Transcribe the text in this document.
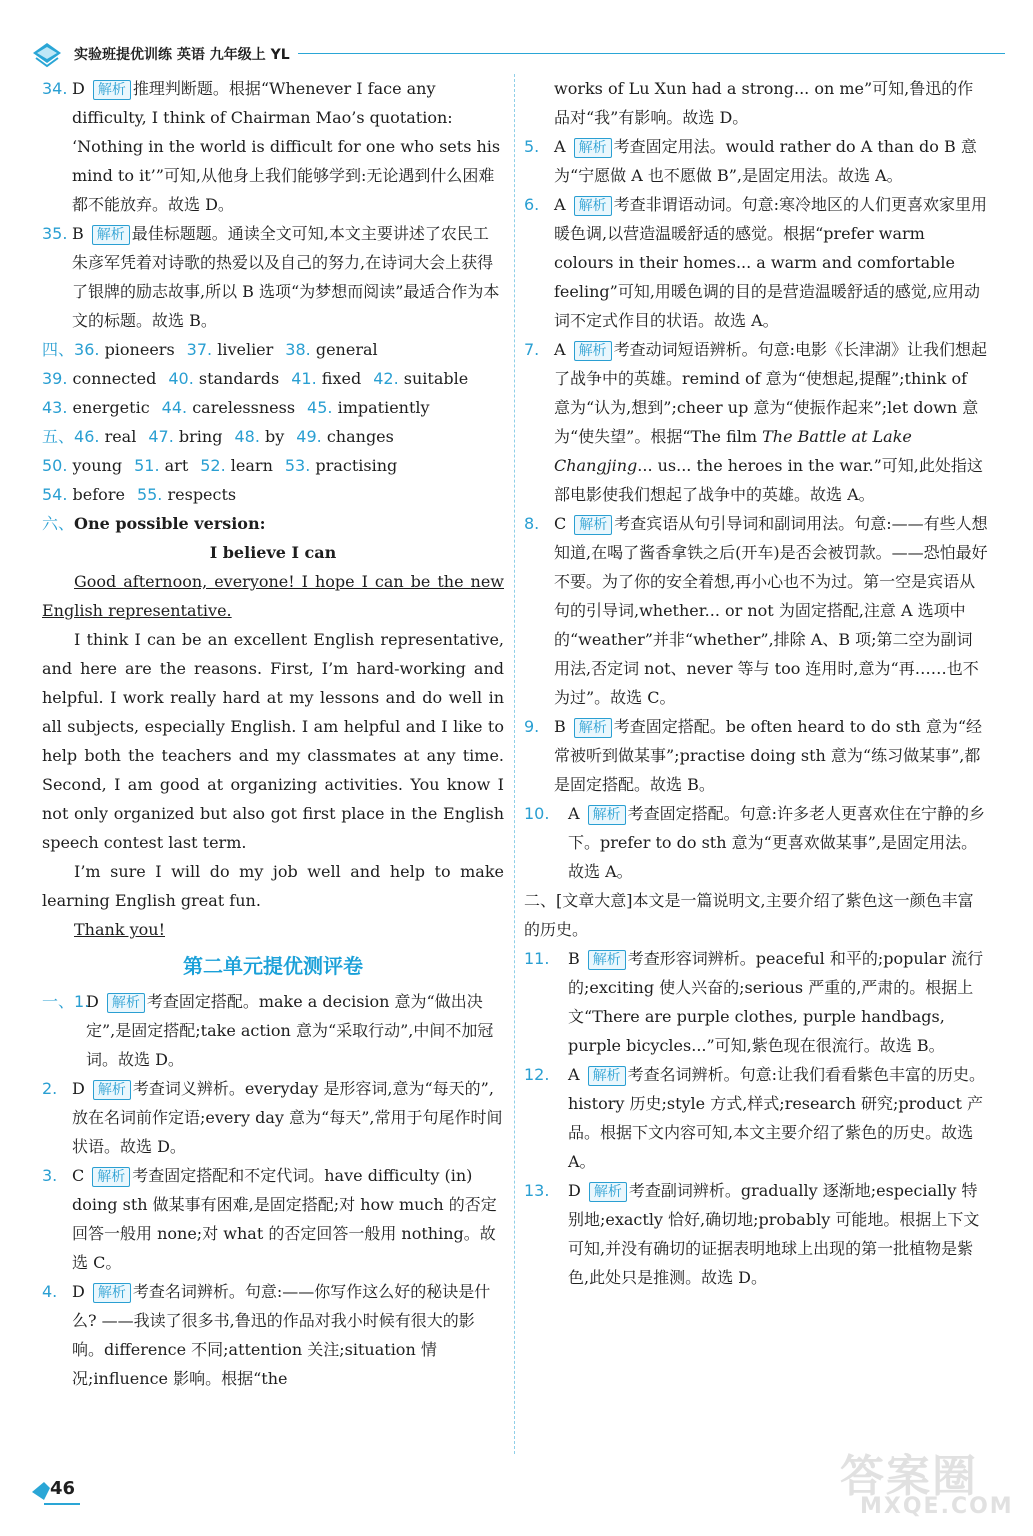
实验班提优训练 英语 九年级上 YL
34. D 解析 推理判断题。根据“Whenever I face any difficulty, I think of Chairman Mao’s quotation: ‘Nothing in the world is difficult for one who sets his mind to it’”可知,从他身上我们能够学到:无论遇到什么困难都不能放弃。故选 D。
35. B 解析 最佳标题题。通读全文可知,本文主要讲述了农民工朱彦军凭着对诗歌的热爱以及自己的努力,在诗词大会上获得了银牌的励志故事,所以 B 选项“为梦想而阅读”最适合作为本文的标题。故选 B。
四、 36. pioneers 37. livelier 38. general
39. connected 40. standards 41. fixed 42. suitable
43. energetic 44. carelessness 45. impatiently
五、 46. real 47. bring 48. by 49. changes
50. young 51. art 52. learn 53. practising
54. before 55. respects
六、One possible version:
I believe I can

Good afternoon, everyone! I hope I can be the new English representative.

I think I can be an excellent English representative, and here are the reasons. First, I’m hard-working and helpful. I work really hard at my lessons and do well in all subjects, especially English. I am helpful and I like to help both the teachers and my classmates at any time. Second, I am good at organizing activities. You know I not only organized but also got first place in the English speech contest last term.

I’m sure I will do my job well and help to make learning English great fun.

Thank you!

第二单元提优测评卷
一、1.
D 解析 考查固定搭配。make a decision 意为“做出决定”,是固定搭配;take action 意为“采取行动”,中间不加冠词。故选 D。
2. D 解析 考查词义辨析。everyday 是形容词,意为“每天的”,放在名词前作定语;every day 意为“每天”,常用于句尾作时间状语。故选 D。
3. C 解析 考查固定搭配和不定代词。have difficulty (in) doing sth 做某事有困难,是固定搭配;对 how much 的否定回答一般用 none;对 what 的否定回答一般用 nothing。故选 C。
4. D 解析 考查名词辨析。句意:——你写作这么好的秘诀是什么? ——我读了很多书,鲁迅的作品对我小时候有很大的影响。difference 不同;attention 关注;situation 情况;influence 影响。根据“the
works of Lu Xun had a strong... on me”可知,鲁迅的作品对“我”有影响。故选 D。
5. A 解析 考查固定用法。would rather do A than do B 意为“宁愿做 A 也不愿做 B”,是固定用法。故选 A。
6. A 解析 考查非谓语动词。句意:寒冷地区的人们更喜欢家里用暖色调,以营造温暖舒适的感觉。根据“prefer warm colours in their homes... a warm and comfortable feeling”可知,用暖色调的目的是营造温暖舒适的感觉,应用动词不定式作目的状语。故选 A。
7. A 解析 考查动词短语辨析。句意:电影《长津湖》让我们想起了战争中的英雄。remind of 意为“使想起,提醒”;think of 意为“认为,想到”;cheer up 意为“使振作起来”;let down 意为“使失望”。根据“The film The Battle at Lake Changjing... us... the heroes in the war.”可知,此处指这部电影使我们想起了战争中的英雄。故选 A。
8. C 解析 考查宾语从句引导词和副词用法。句意:——有些人想知道,在喝了酱香拿铁之后(开车)是否会被罚款。——恐怕最好不要。为了你的安全着想,再小心也不为过。第一空是宾语从句的引导词,whether... or not 为固定搭配,注意 A 选项中的“weather”并非“whether”,排除 A、B 项;第二空为副词用法,否定词 not、never 等与 too 连用时,意为“再……也不为过”。故选 C。
9. B 解析 考查固定搭配。be often heard to do sth 意为“经常被听到做某事”;practise doing sth 意为“练习做某事”,都是固定搭配。故选 B。
10. A 解析 考查固定搭配。句意:许多老人更喜欢住在宁静的乡下。prefer to do sth 意为“更喜欢做某事”,是固定用法。故选 A。
二、[文章大意]本文是一篇说明文,主要介绍了紫色这一颜色丰富的历史。
11. B 解析 考查形容词辨析。peaceful 和平的;popular 流行的;exciting 使人兴奋的;serious 严重的,严肃的。根据上文“There are purple clothes, purple handbags, purple bicycles...”可知,紫色现在很流行。故选 B。
12. A 解析 考查名词辨析。句意:让我们看看紫色丰富的历史。history 历史;style 方式,样式;research 研究;product 产品。根据下文内容可知,本文主要介绍了紫色的历史。故选 A。
13. D 解析 考查副词辨析。gradually 逐渐地;especially 特别地;exactly 恰好,确切地;probably 可能地。根据上下文可知,并没有确切的证据表明地球上出现的第一批植物是紫色,此处只是推测。故选 D。
46	答案圈
MXQE.COM
